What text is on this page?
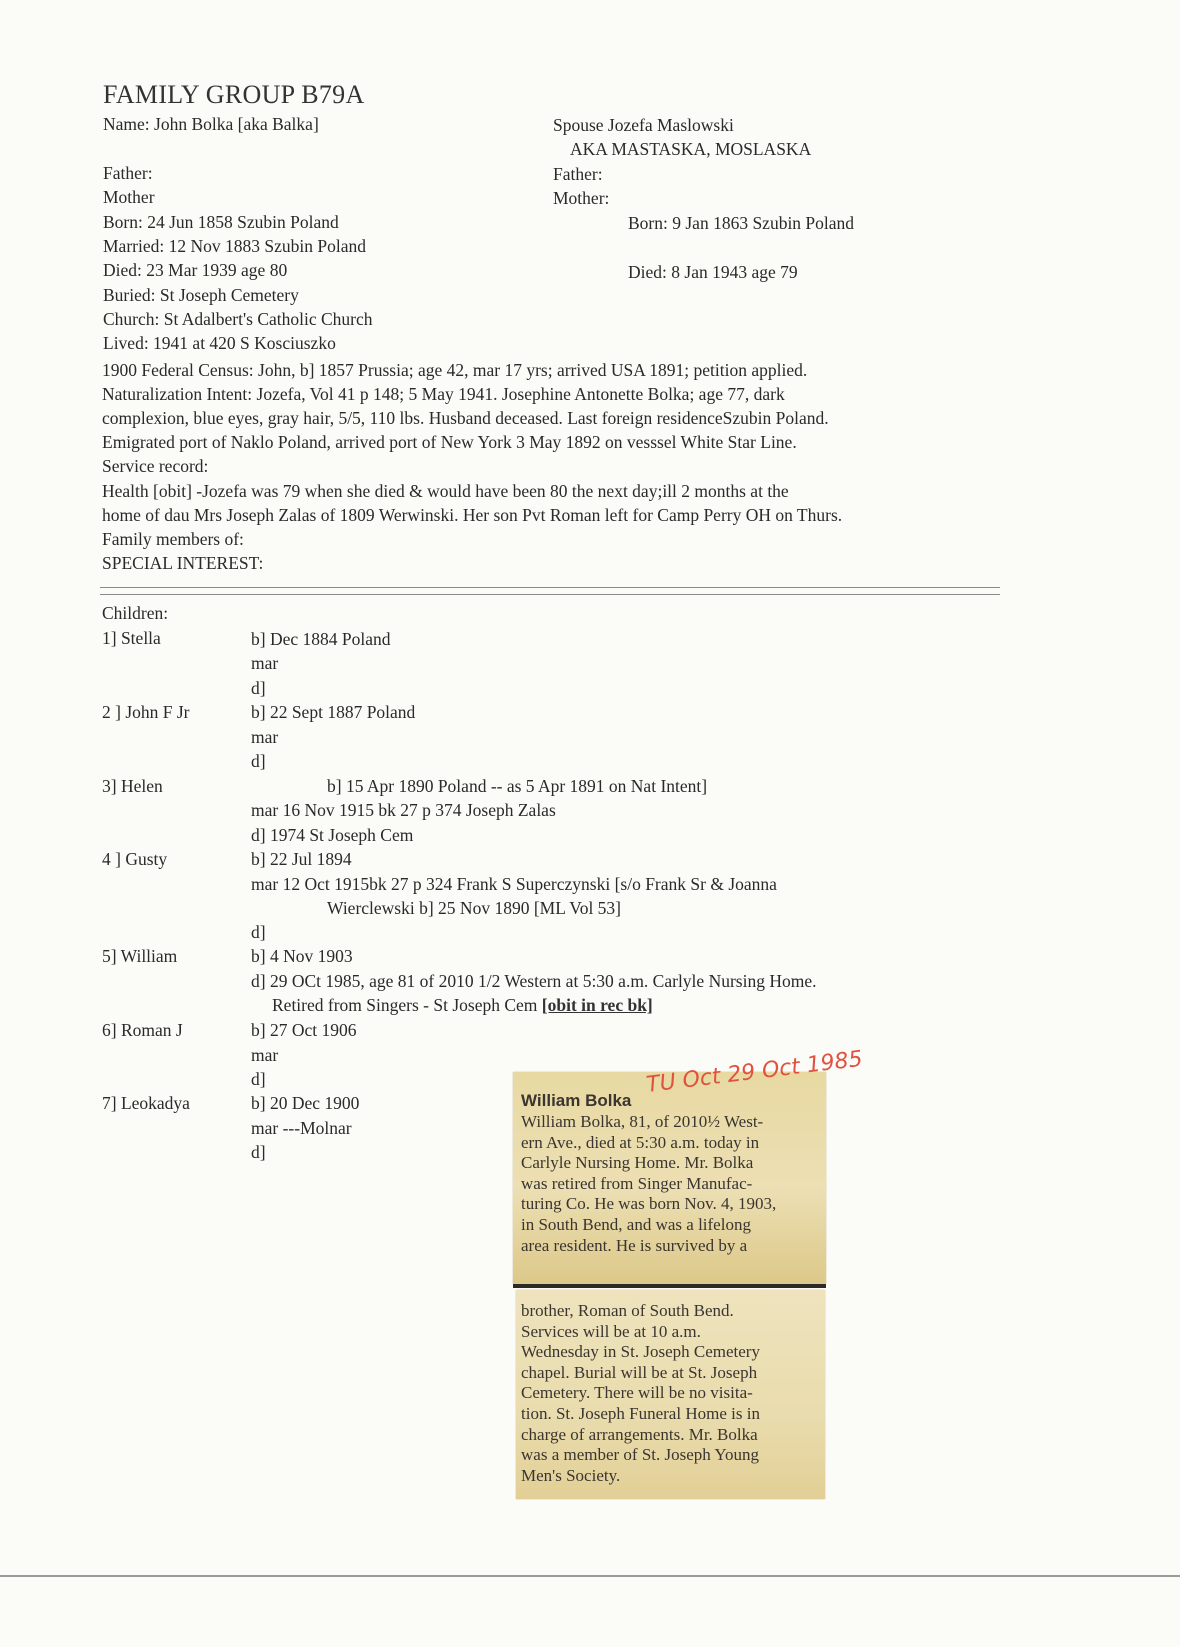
FAMILY GROUP B79A
Name: John Bolka [aka Balka]
Father:
Mother
Born: 24 Jun 1858 Szubin Poland
Married: 12 Nov 1883 Szubin Poland
Died: 23 Mar 1939 age 80
Buried: St Joseph Cemetery
Church: St Adalbert's Catholic Church
Lived: 1941 at 420 S Kosciuszko
Spouse Jozefa Maslowski
AKA MASTASKA, MOSLASKA
Father:
Mother:
Born: 9 Jan 1863 Szubin Poland
Died: 8 Jan 1943 age 79
1900 Federal Census: John, b] 1857 Prussia; age 42, mar 17 yrs; arrived USA 1891; petition applied.
Naturalization Intent: Jozefa, Vol 41 p 148; 5 May 1941. Josephine Antonette Bolka; age 77, dark
complexion, blue eyes, gray hair, 5/5, 110 lbs. Husband deceased. Last foreign residenceSzubin Poland.
Emigrated port of Naklo Poland, arrived port of New York 3 May 1892 on vesssel White Star Line.
Service record:
Health [obit] -Jozefa was 79 when she died & would have been 80 the next day;ill 2 months at the
home of dau Mrs Joseph Zalas of 1809 Werwinski. Her son Pvt Roman left for Camp Perry OH on Thurs.
Family members of:
SPECIAL INTEREST:
Children:
1] Stella	b] Dec 1884 Poland
mar
d]
2 ] John F Jr	b] 22 Sept 1887 Poland
mar
d]
3] Helen	b] 15 Apr 1890 Poland -- as 5 Apr 1891 on Nat Intent]
mar 16 Nov 1915 bk 27 p 374 Joseph Zalas
d] 1974 St Joseph Cem
4 ] Gusty	b] 22 Jul 1894
mar 12 Oct 1915bk 27 p 324 Frank S Superczynski [s/o Frank Sr & Joanna
Wierclewski b] 25 Nov 1890 [ML Vol 53]
d]
5] William	b] 4 Nov 1903
d] 29 OCt 1985, age 81 of 2010 1/2 Western at 5:30 a.m. Carlyle Nursing Home.
Retired from Singers - St Joseph Cem [obit in rec bk]
6] Roman J	b] 27 Oct 1906
mar
d]
7] Leokadya	b] 20 Dec 1900
mar ---Molnar
d]

William Bolka

William Bolka, 81, of 2010½ West-

ern Ave., died at 5:30 a.m. today in

Carlyle Nursing Home. Mr. Bolka

was retired from Singer Manufac-

turing Co. He was born Nov. 4, 1903,

in South Bend, and was a lifelong

area resident. He is survived by a

TU Oct 29 Oct 1985

brother, Roman of South Bend.

Services will be at 10 a.m.

Wednesday in St. Joseph Cemetery

chapel. Burial will be at St. Joseph

Cemetery. There will be no visita-

tion. St. Joseph Funeral Home is in

charge of arrangements. Mr. Bolka

was a member of St. Joseph Young

Men's Society.
